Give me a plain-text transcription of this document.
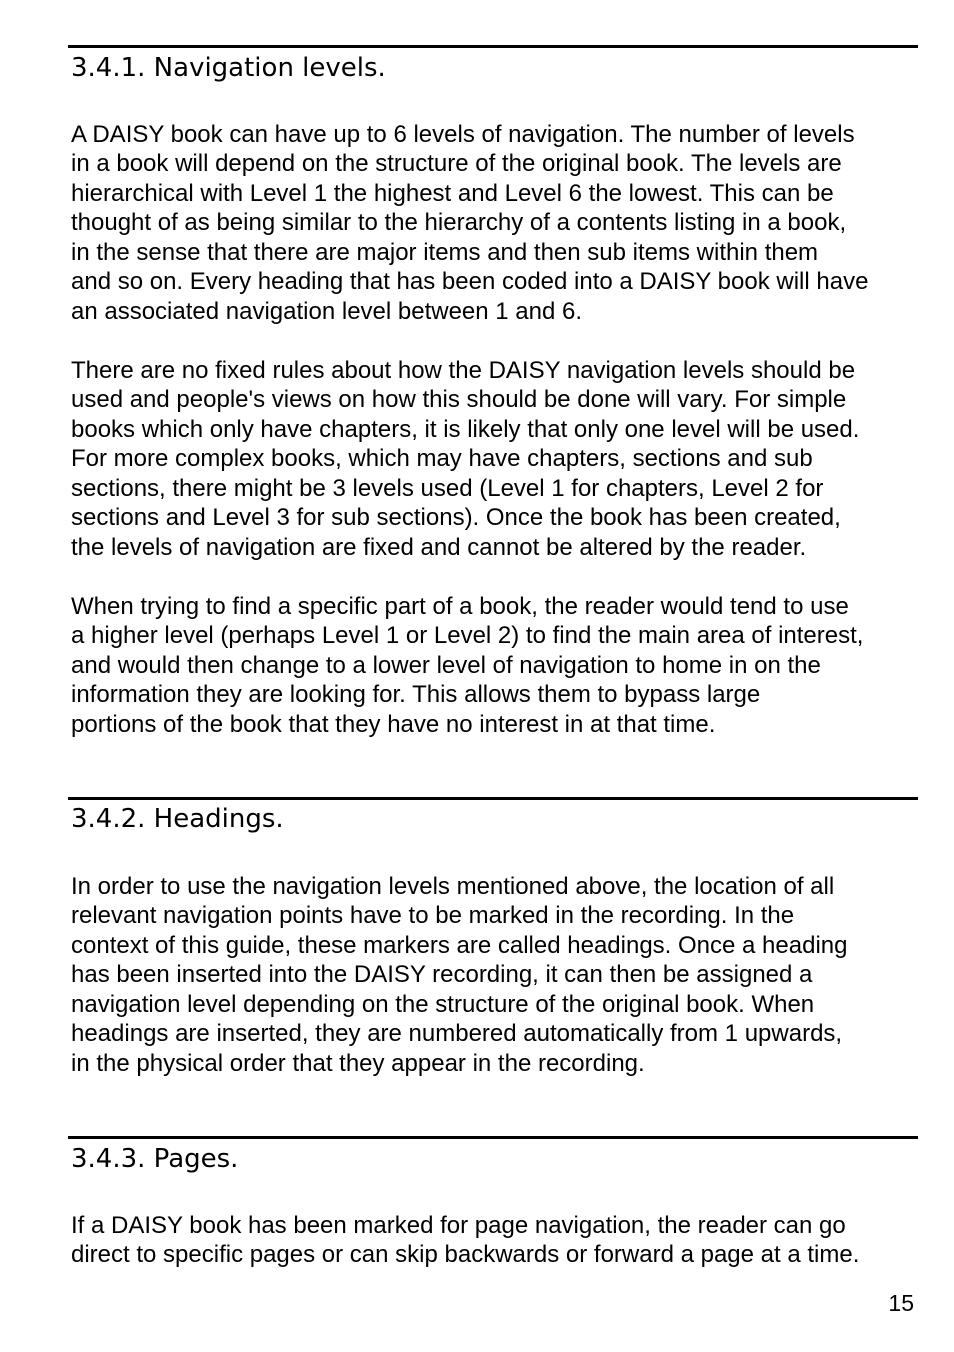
3.4.1. Navigation levels.
A DAISY book can have up to 6 levels of navigation. The number of levels
in a book will depend on the structure of the original book. The levels are
hierarchical with Level 1 the highest and Level 6 the lowest. This can be
thought of as being similar to the hierarchy of a contents listing in a book,
in the sense that there are major items and then sub items within them
and so on. Every heading that has been coded into a DAISY book will have
an associated navigation level between 1 and 6.
There are no fixed rules about how the DAISY navigation levels should be
used and people's views on how this should be done will vary. For simple
books which only have chapters, it is likely that only one level will be used.
For more complex books, which may have chapters, sections and sub
sections, there might be 3 levels used (Level 1 for chapters, Level 2 for
sections and Level 3 for sub sections). Once the book has been created,
the levels of navigation are fixed and cannot be altered by the reader.
When trying to find a specific part of a book, the reader would tend to use
a higher level (perhaps Level 1 or Level 2) to find the main area of interest,
and would then change to a lower level of navigation to home in on the
information they are looking for. This allows them to bypass large
portions of the book that they have no interest in at that time.
3.4.2. Headings.
In order to use the navigation levels mentioned above, the location of all
relevant navigation points have to be marked in the recording. In the
context of this guide, these markers are called headings. Once a heading
has been inserted into the DAISY recording, it can then be assigned a
navigation level depending on the structure of the original book. When
headings are inserted, they are numbered automatically from 1 upwards,
in the physical order that they appear in the recording.
3.4.3. Pages.
If a DAISY book has been marked for page navigation, the reader can go
direct to specific pages or can skip backwards or forward a page at a time.
15
